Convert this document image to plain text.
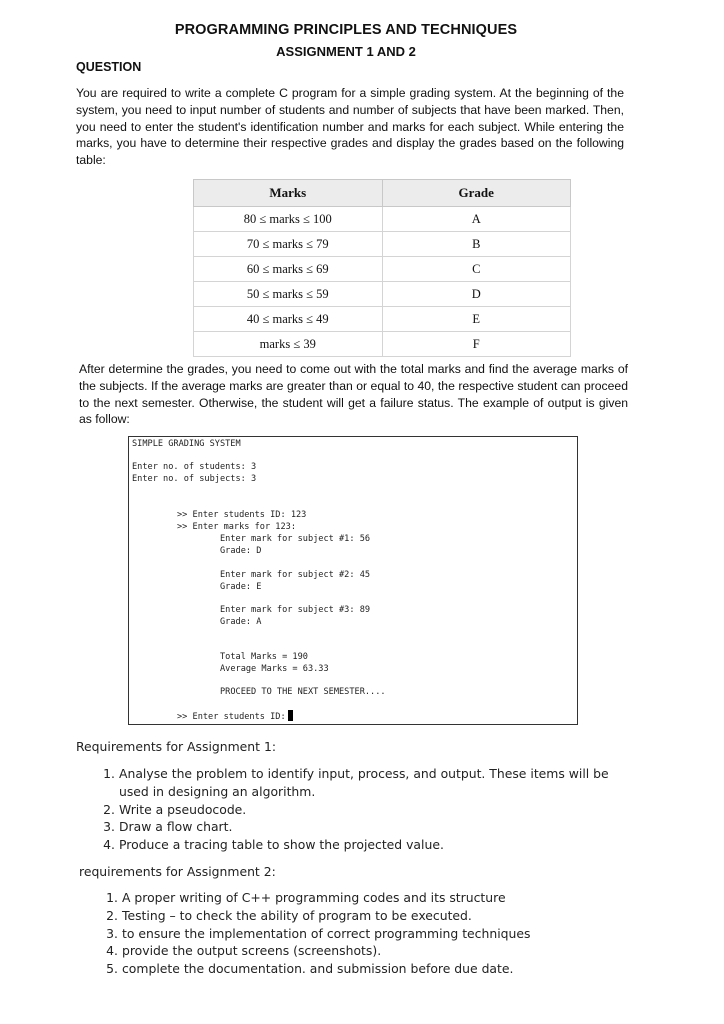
PROGRAMMING PRINCIPLES AND TECHNIQUES
ASSIGNMENT 1 AND 2
QUESTION

You are required to write a complete C program for a simple grading system. At the beginning of the system, you need to input number of students and number of subjects that have been marked. Then, you need to enter the student's identification number and marks for each subject. While entering the marks, you have to determine their respective grades and display the grades based on the following table:

Marks	Grade
80 ≤ marks ≤ 100	A
70 ≤ marks ≤ 79	B
60 ≤ marks ≤ 69	C
50 ≤ marks ≤ 59	D
40 ≤ marks ≤ 49	E
marks ≤ 39	F

After determine the grades, you need to come out with the total marks and find the average marks of the subjects. If the average marks are greater than or equal to 40, the respective student can proceed to the next semester. Otherwise, the student will get a failure status. The example of output is given as follow:

SIMPLE GRADING SYSTEM
Enter no. of students: 3
Enter no. of subjects: 3
>> Enter students ID: 123
>> Enter marks for 123:
Enter mark for subject #1: 56
Grade: D
Enter mark for subject #2: 45
Grade: E
Enter mark for subject #3: 89
Grade: A
Total Marks = 190
Average Marks = 63.33
PROCEED TO THE NEXT SEMESTER....
>> Enter students ID:
Requirements for Assignment 1:
1. Analyse the problem to identify input, process, and output. These items will be used in designing an algorithm.
2. Write a pseudocode.
3. Draw a flow chart.
4. Produce a tracing table to show the projected value.
requirements for Assignment 2:
1. A proper writing of C++ programming codes and its structure
2. Testing – to check the ability of program to be executed.
3. to ensure the implementation of correct programming techniques
4. provide the output screens (screenshots).
5. complete the documentation. and submission before due date.
